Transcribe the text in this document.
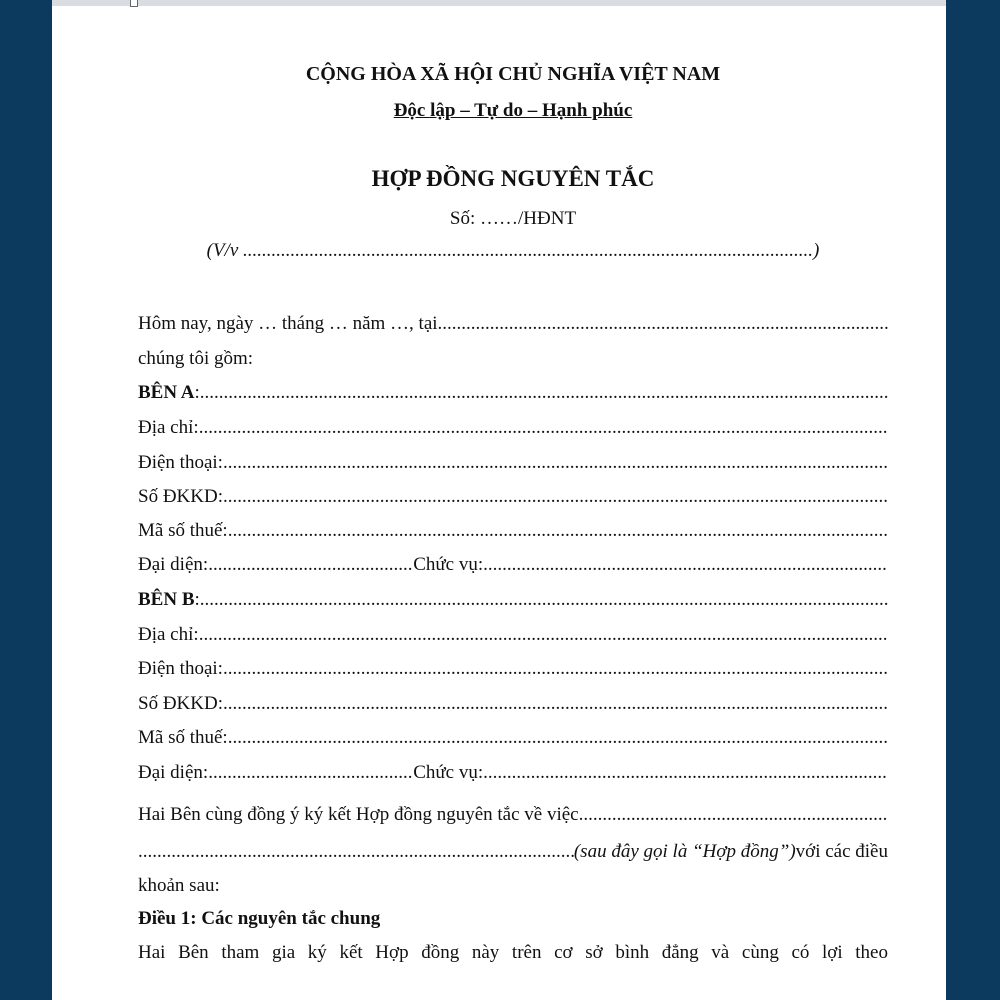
CỘNG HÒA XÃ HỘI CHỦ NGHĨA VIỆT NAM
Độc lập – Tự do – Hạnh phúc
HỢP ĐỒNG NGUYÊN TẮC
Số: ……/HĐNT
(V/v .....	)
Hôm nay, ngày … tháng … năm …, tại
.....
chúng tôi gồm:
BÊN A :
.....
Địa chỉ:
.....
Điện thoại:
.....
Số ĐKKD:
.....
Mã số thuế:
.....
Đại diện: .....	Chức vụ:
.....
BÊN B :
.....
Địa chỉ:
.....
Điện thoại:
.....
Số ĐKKD:
.....
Mã số thuế:
.....
Đại diện: .....	Chức vụ:
.....
Hai Bên cùng đồng ý ký kết Hợp đồng nguyên tắc về việc
.....
.....
(sau đây gọi là “Hợp đồng”) với các điều
khoản sau:
Điều 1: Các nguyên tắc chung
Hai Bên tham gia ký kết Hợp đồng này trên cơ sở bình đẳng và cùng có lợi theo
